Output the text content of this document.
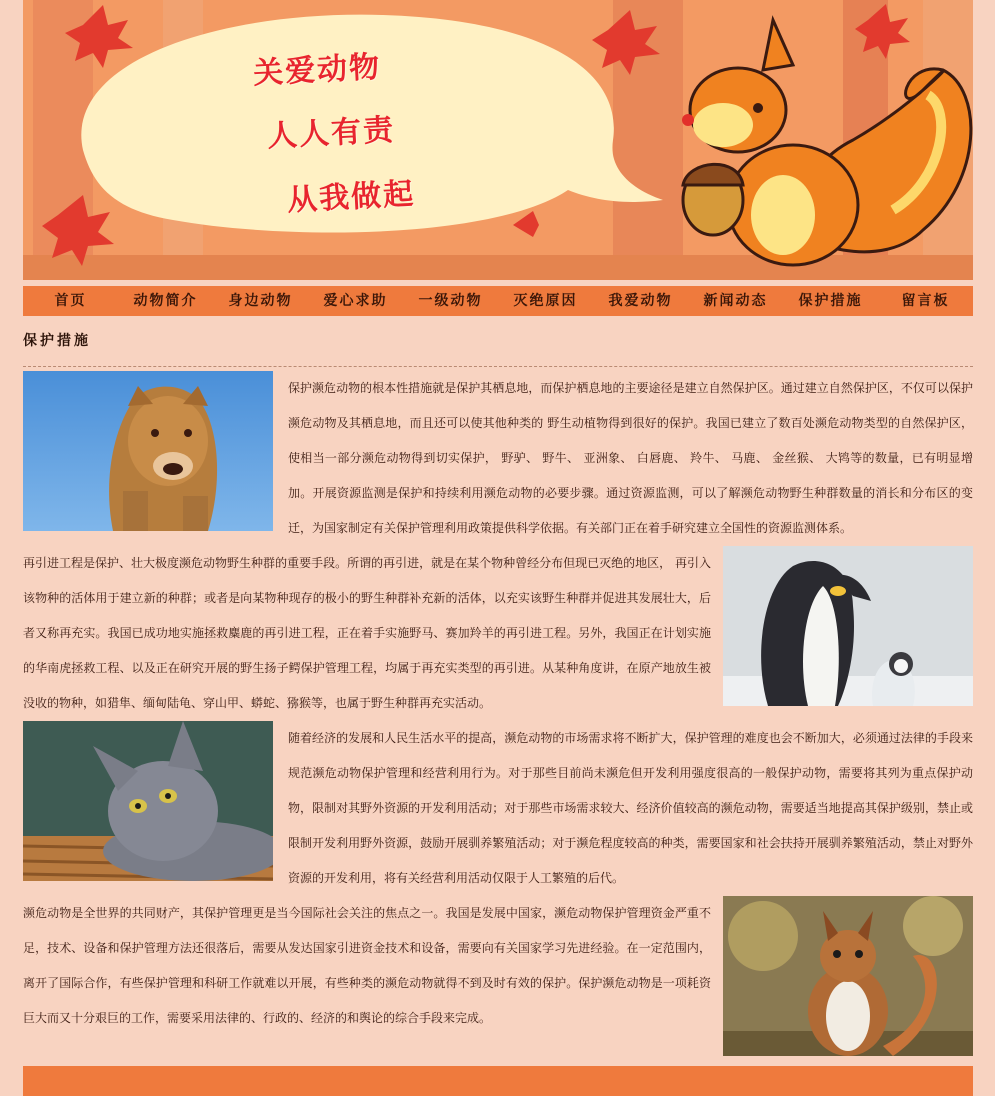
关爱动物
人人有责
从我做起
首页	动物简介	身边动物	爱心求助	一级动物	灭绝原因	我爱动物	新闻动态	保护措施	留言板
保护措施
保护濒危动物的根本性措施就是保护其栖息地，而保护栖息地的主要途径是建立自然保护区。通过建立自然保护区，不仅可以保护濒危动物及其栖息地，而且还可以使其他种类的 野生动植物得到很好的保护。我国已建立了数百处濒危动物类型的自然保护区，使相当一部分濒危动物得到切实保护， 野驴、 野牛、 亚洲象、 白唇鹿、 羚牛、 马鹿、 金丝猴、 大鸨等的数量，已有明显增加。开展资源监测是保护和持续利用濒危动物的必要步骤。通过资源监测，可以了解濒危动物野生种群数量的消长和分布区的变迁，为国家制定有关保护管理利用政策提供科学依据。有关部门正在着手研究建立全国性的资源监测体系。
再引进工程是保护、壮大极度濒危动物野生种群的重要手段。所谓的再引进，就是在某个物种曾经分布但现已灭绝的地区， 再引入该物种的活体用于建立新的种群；或者是向某物种现存的极小的野生种群补充新的活体，以充实该野生种群并促进其发展壮大，后者又称再充实。我国已成功地实施拯救麋鹿的再引进工程，正在着手实施野马、赛加羚羊的再引进工程。另外，我国正在计划实施的华南虎拯救工程、以及正在研究开展的野生扬子鳄保护管理工程，均属于再充实类型的再引进。从某种角度讲，在原产地放生被没收的物种，如猎隼、缅甸陆龟、穿山甲、蟒蛇、猕猴等，也属于野生种群再充实活动。
随着经济的发展和人民生活水平的提高，濒危动物的市场需求将不断扩大，保护管理的难度也会不断加大，必须通过法律的手段来规范濒危动物保护管理和经营利用行为。对于那些目前尚未濒危但开发利用强度很高的一般保护动物，需要将其列为重点保护动物，限制对其野外资源的开发利用活动；对于那些市场需求较大、经济价值较高的濒危动物，需要适当地提高其保护级别，禁止或限制开发利用野外资源，鼓励开展驯养繁殖活动；对于濒危程度较高的种类，需要国家和社会扶持开展驯养繁殖活动，禁止对野外资源的开发利用，将有关经营利用活动仅限于人工繁殖的后代。
濒危动物是全世界的共同财产，其保护管理更是当今国际社会关注的焦点之一。我国是发展中国家，濒危动物保护管理资金严重不足，技术、设备和保护管理方法还很落后，需要从发达国家引进资金技术和设备，需要向有关国家学习先进经验。在一定范围内，离开了国际合作，有些保护管理和科研工作就难以开展，有些种类的濒危动物就得不到及时有效的保护。保护濒危动物是一项耗资巨大而又十分艰巨的工作，需要采用法律的、行政的、经济的和舆论的综合手段来完成。
